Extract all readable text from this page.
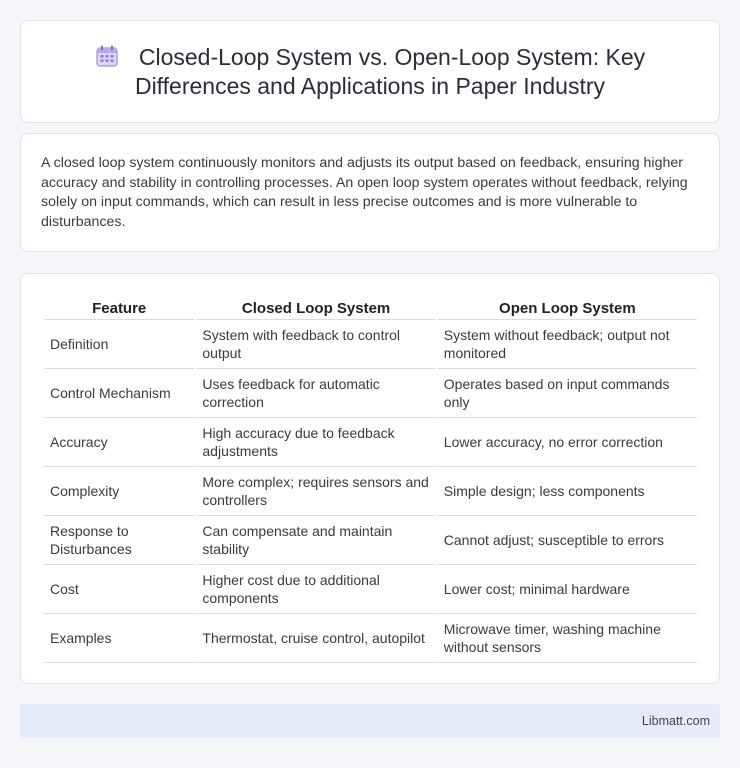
Closed-Loop System vs. Open-Loop System: Key Differences and Applications in Paper Industry

A closed loop system continuously monitors and adjusts its output based on feedback, ensuring higher accuracy and stability in controlling processes. An open loop system operates without feedback, relying solely on input commands, which can result in less precise outcomes and is more vulnerable to disturbances.

Feature	Closed Loop System	Open Loop System
Definition	System with feedback to control output	System without feedback; output not monitored
Control Mechanism	Uses feedback for automatic correction	Operates based on input commands only
Accuracy	High accuracy due to feedback adjustments	Lower accuracy, no error correction
Complexity	More complex; requires sensors and controllers	Simple design; less components
Response to Disturbances	Can compensate and maintain stability	Cannot adjust; susceptible to errors
Cost	Higher cost due to additional components	Lower cost; minimal hardware
Examples	Thermostat, cruise control, autopilot	Microwave timer, washing machine without sensors
Libmatt.com
